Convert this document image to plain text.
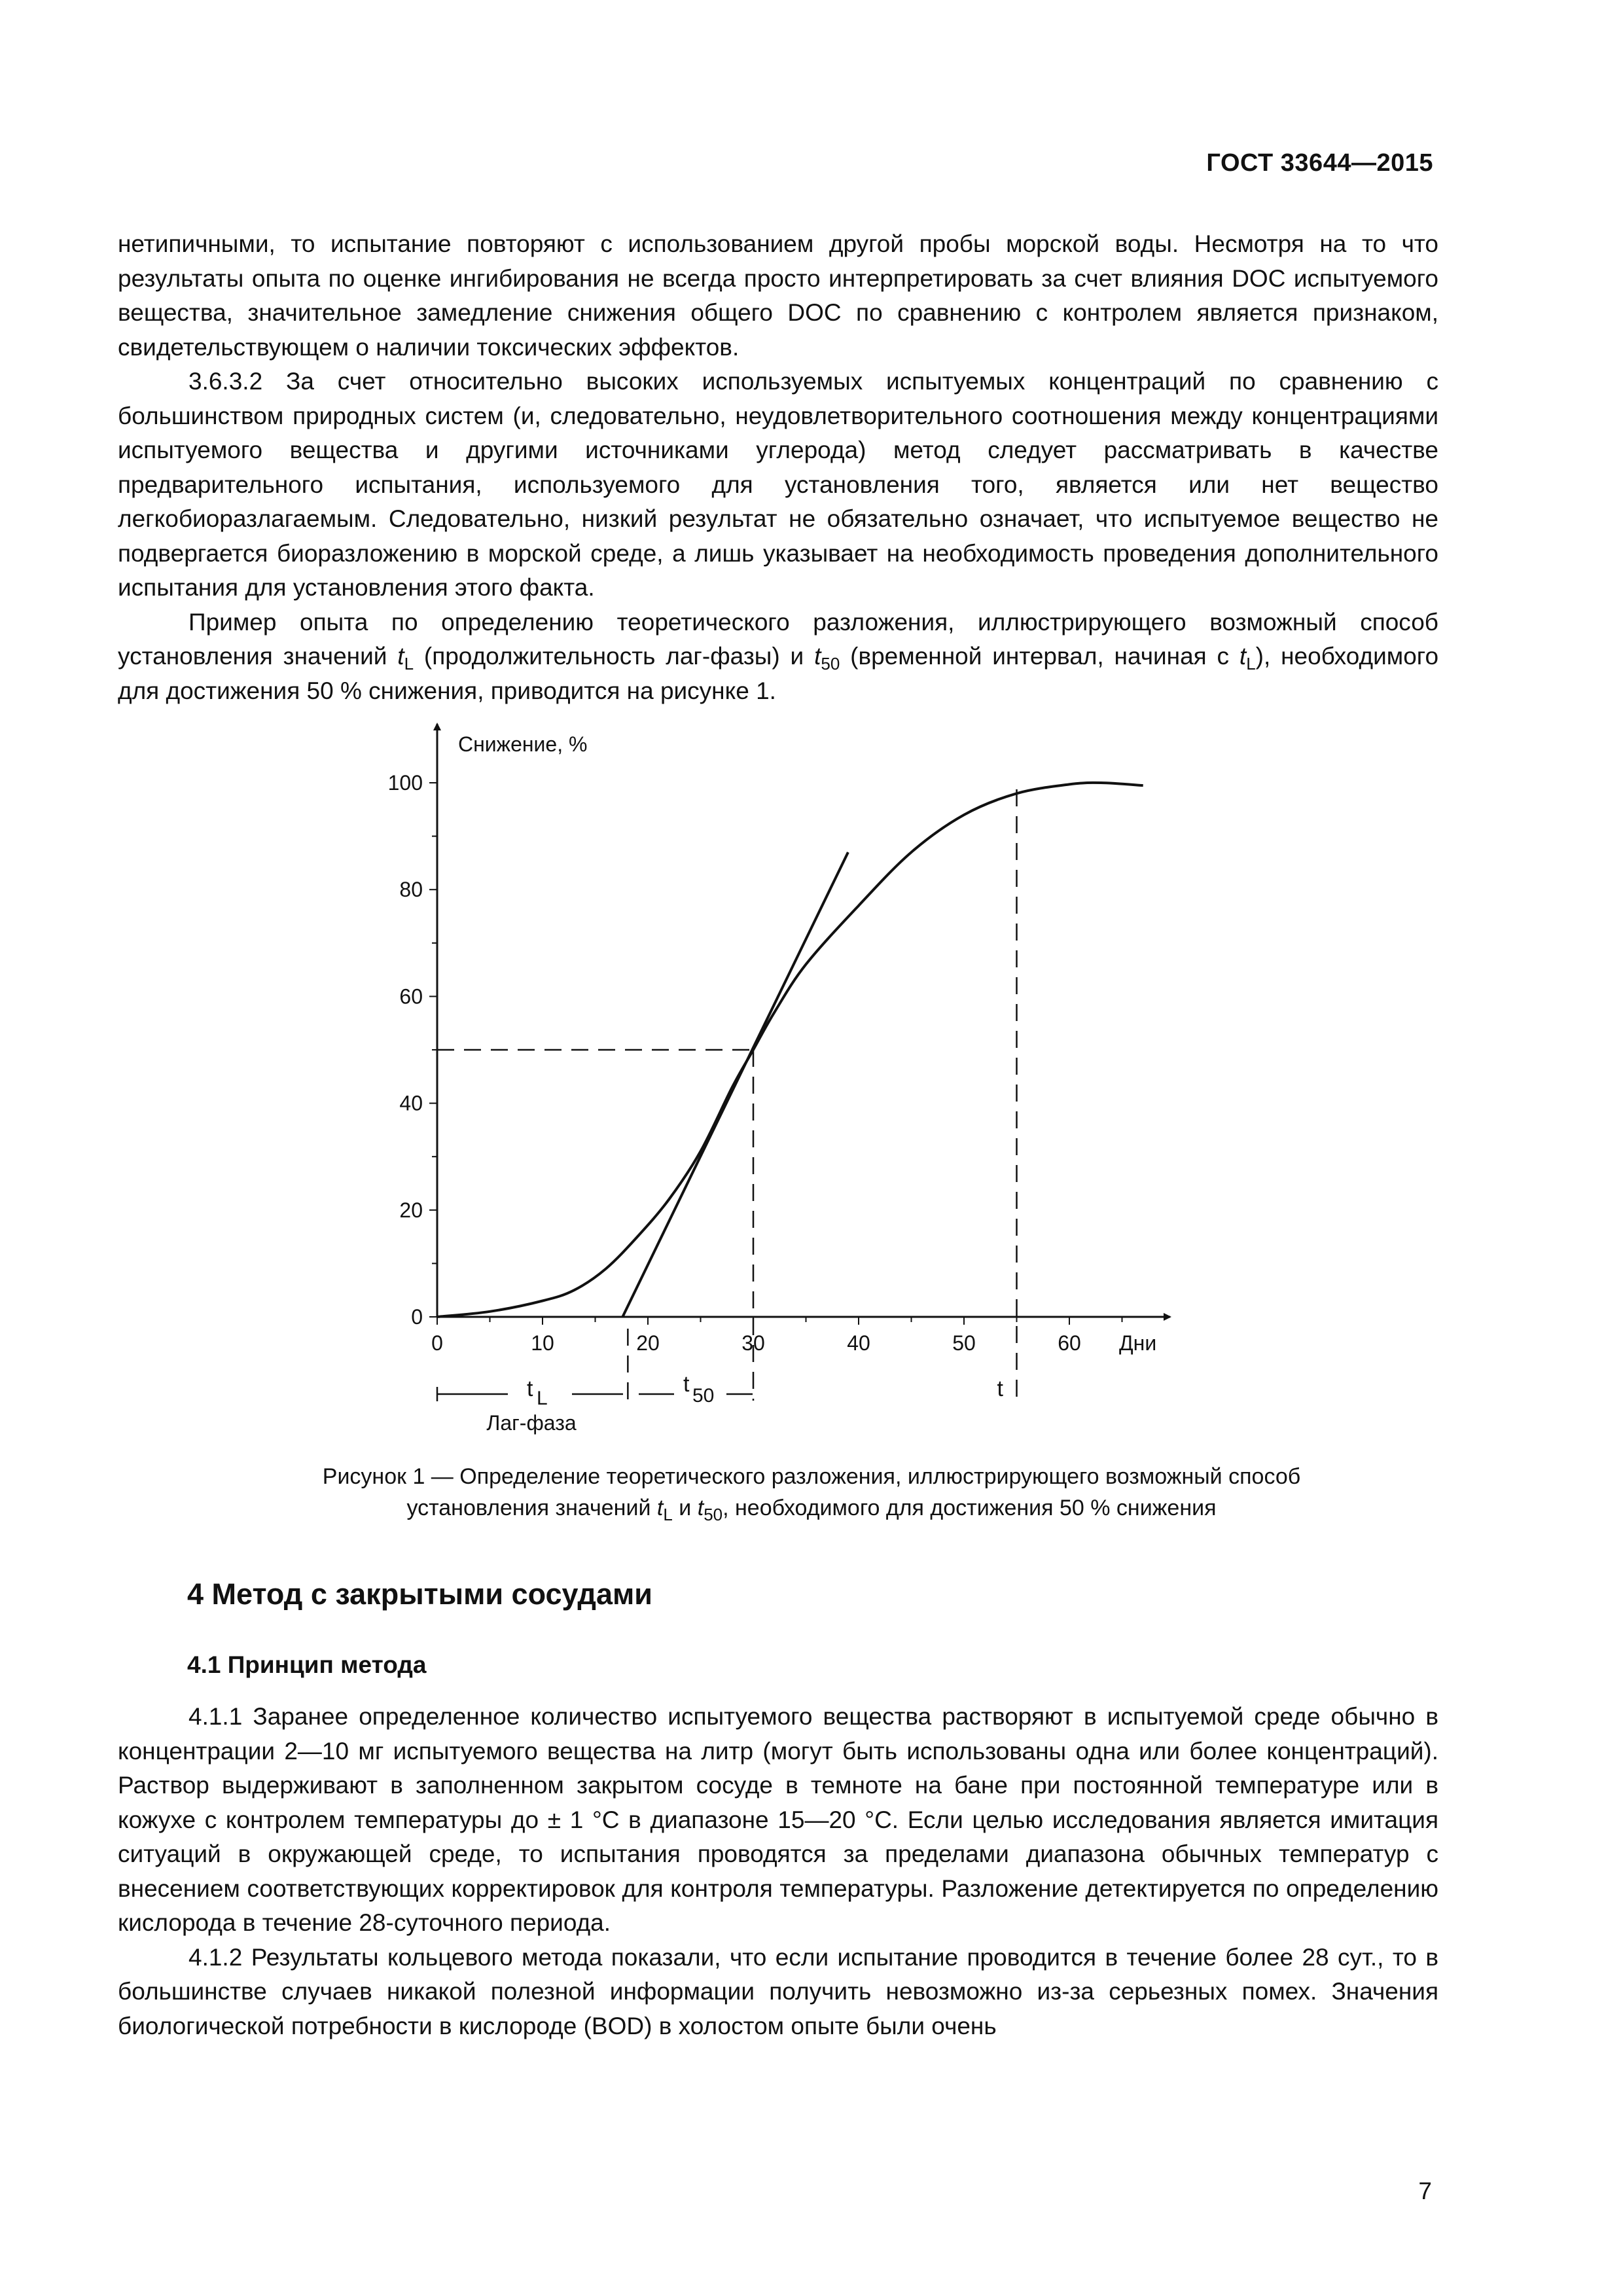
ГОСТ 33644—2015

нетипичными, то испытание повторяют с использованием другой пробы морской воды. Несмотря на то что результаты опыта по оценке ингибирования не всегда просто интерпретировать за счет влияния DOC испытуемого вещества, значительное замедление снижения общего DOC по сравнению с контролем является признаком, свидетельствующем о наличии токсических эффектов.

3.6.3.2 За счет относительно высоких используемых испытуемых концентраций по сравнению с большинством природных систем (и, следовательно, неудовлетворительного соотношения между концентрациями испытуемого вещества и другими источниками углерода) метод следует рассматривать в качестве предварительного испытания, используемого для установления того, является или нет вещество легкобиоразлагаемым. Следовательно, низкий результат не обязательно означает, что испытуемое вещество не подвергается биоразложению в морской среде, а лишь указывает на необходимость проведения дополнительного испытания для установления этого факта.

Пример опыта по определению теоретического разложения, иллюстрирующего возможный способ установления значений $t_L$ (продолжительность лаг-фазы) и $t_{50}$ (временной интервал, начиная с $t_L$), необходимого для достижения 50 % снижения, приводится на рисунке 1.

Снижение, %
Дни
0
20
40
60
80
100
0	10	20	30	40	50	60
t L
t 50	t
Лаг-фаза
Рисунок 1 — Определение теоретического разложения, иллюстрирующего возможный способ
установления значений $t_L$ и $t_{50}$, необходимого для достижения 50 % снижения
4 Метод с закрытыми сосудами
4.1 Принцип метода

4.1.1 Заранее определенное количество испытуемого вещества растворяют в испытуемой среде обычно в концентрации 2—10 мг испытуемого вещества на литр (могут быть использованы одна или более концентраций). Раствор выдерживают в заполненном закрытом сосуде в темноте на бане при постоянной температуре или в кожухе с контролем температуры до ± 1 °С в диапазоне 15—20 °С. Если целью исследования является имитация ситуаций в окружающей среде, то испытания проводятся за пределами диапазона обычных температур с внесением соответствующих корректировок для контроля температуры. Разложение детектируется по определению кислорода в течение 28-суточного периода.

4.1.2 Результаты кольцевого метода показали, что если испытание проводится в течение более 28 сут., то в большинстве случаев никакой полезной информации получить невозможно из-за серьезных помех. Значения биологической потребности в кислороде (BOD) в холостом опыте были очень

7
